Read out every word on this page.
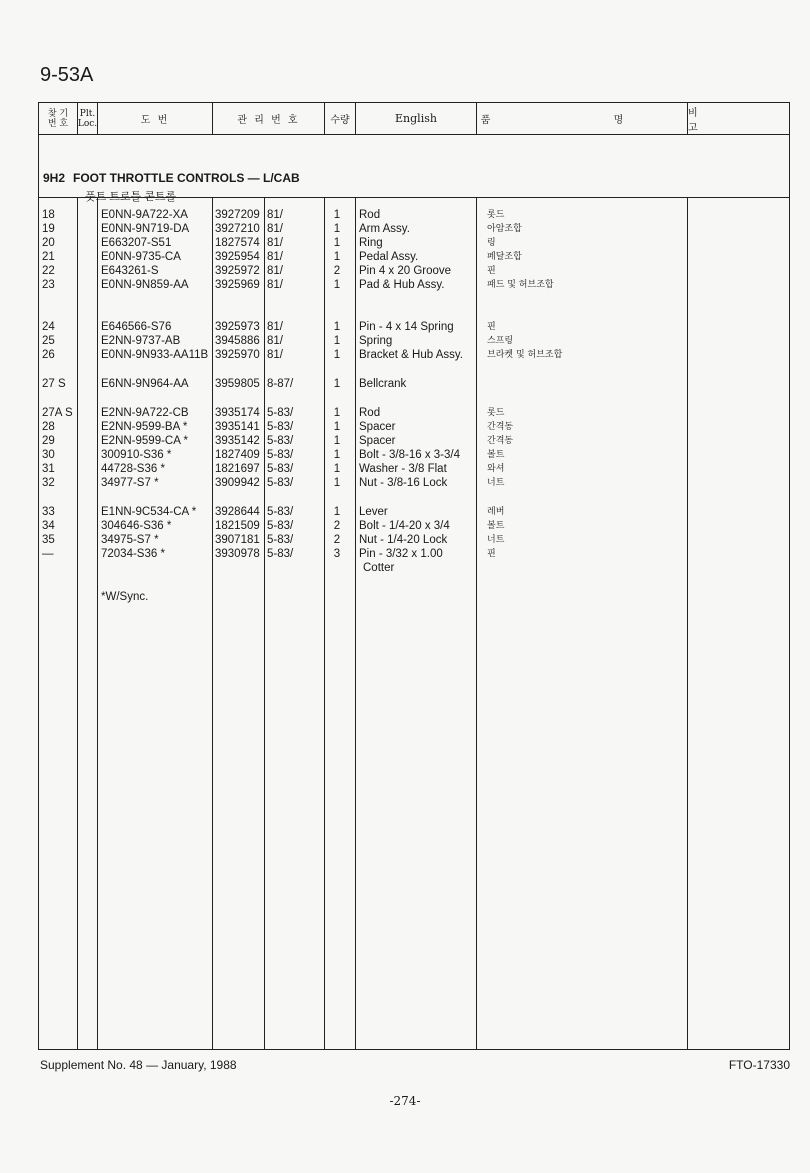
9-53A
찾 기
번 호
Plt.
Loc.	도 번	관 리 번 호	수량	English	품 명
비 고
9H2 FOOT THROTTLE CONTROLS — L/CAB
풋트 트로틀 콘트롤
18	E0NN-9A722-XA 3927209 81/	1	Rod	롯드
19	E0NN-9N719-DA 3927210 81/	1	Arm Assy.	아암조합
20	E663207-S51	1827574 81/	1	Ring	링
21	E0NN-9735-CA	3925954 81/	1	Pedal Assy.	페달조합
22	E643261-S	3925972 81/	2	Pin 4 x 20 Groove	핀
23	E0NN-9N859-AA 3925969 81/	1	Pad & Hub Assy.	패드 및 허브조합
24	E646566-S76	3925973 81/	1	Pin - 4 x 14 Spring	핀
25	E2NN-9737-AB	3945886 81/	1	Spring	스프링
26	E0NN-9N933-AA11B 3925970 81/	1	Bracket & Hub Assy.	브라켓 및 허브조합
27 S	E6NN-9N964-AA 3959805 8-87/	1	Bellcrank
27A S E2NN-9A722-CB 3935174 5-83/	1	Rod	롯드
28	E2NN-9599-BA * 3935141 5-83/	1	Spacer	간격동
29	E2NN-9599-CA * 3935142 5-83/	1	Spacer	간격동
30	300910-S36 *	1827409 5-83/	1	Bolt - 3/8-16 x 3-3/4	볼트
31	44728-S36 *	1821697 5-83/	1	Washer - 3/8 Flat	와셔
32	34977-S7 *	3909942 5-83/	1	Nut - 3/8-16 Lock	너트
33	E1NN-9C534-CA * 3928644 5-83/	1	Lever	레버
34	304646-S36 *	1821509 5-83/	2	Bolt - 1/4-20 x 3/4	볼트
35	34975-S7 *	3907181 5-83/	2	Nut - 1/4-20 Lock	너트
—	72034-S36 *	3930978 5-83/	3	Pin - 3/32 x 1.00	핀
Cotter
*W/Sync.
Supplement No. 48 — January, 1988	FTO-17330
-274-
